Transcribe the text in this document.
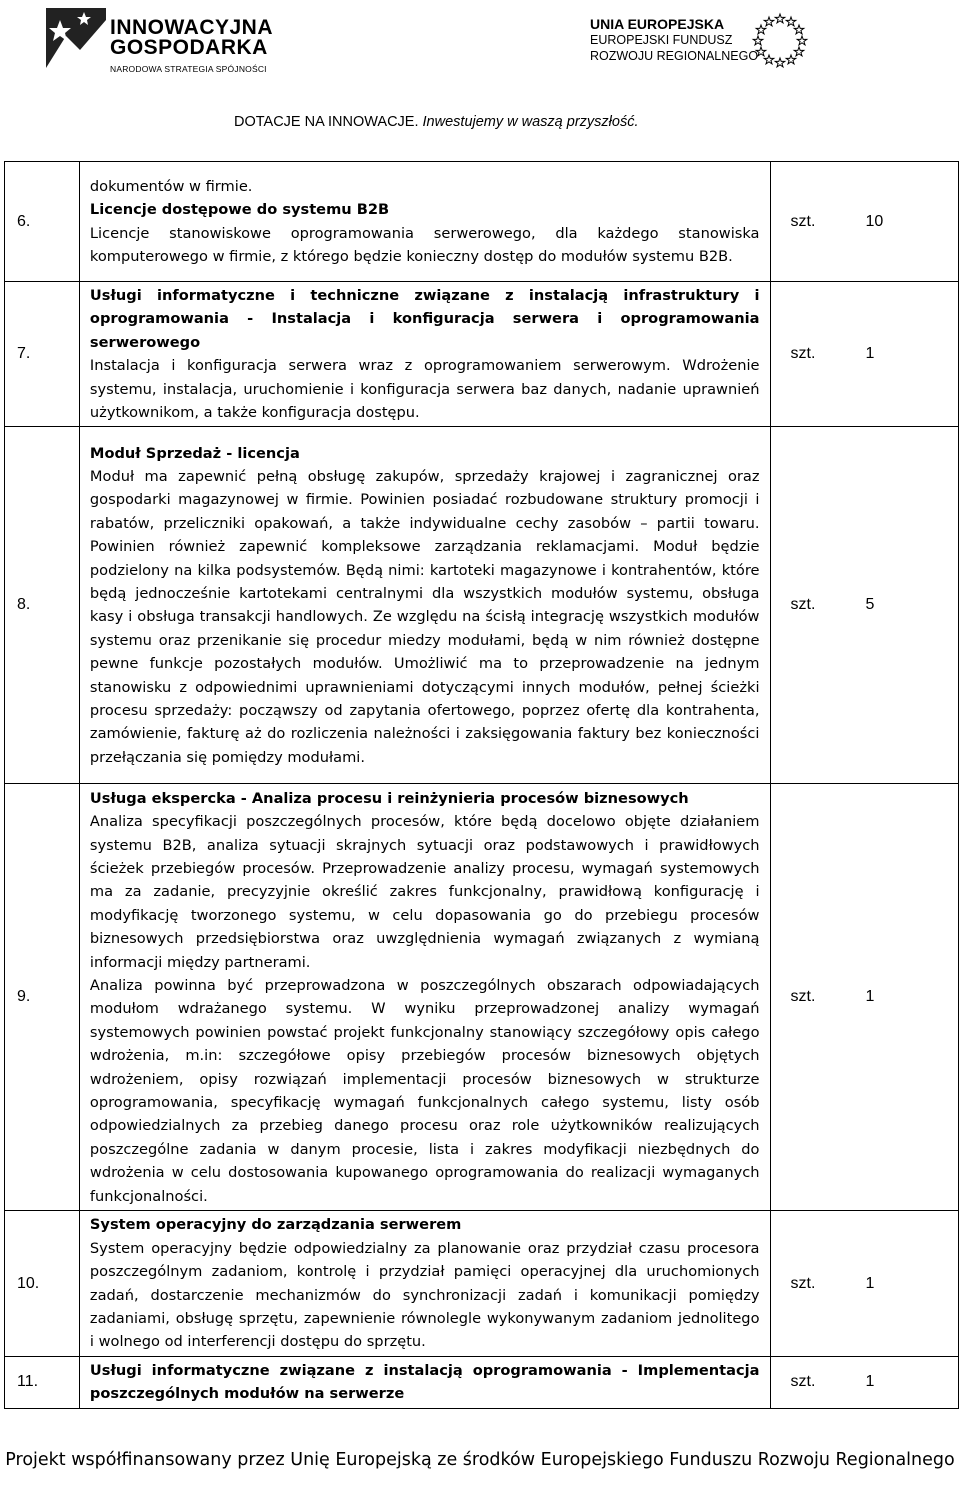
INNOWACYJNA
GOSPODARKA
NARODOWA STRATEGIA SPÓJNOŚCI
UNIA EUROPEJSKA
EUROPEJSKI FUNDUSZ
ROZWOJU REGIONALNEGO
DOTACJE NA INNOWACJE. Inwestujemy w waszą przyszłość.
6.	dokumentów w firmie.

Licencje dostępowe do systemu B2B

Licencje stanowiskowe oprogramowania serwerowego, dla każdego stanowiska komputerowego w firmie, z którego będzie konieczny dostęp do modułów systemu B2B.	szt. 10
7.	Usługi informatyczne i techniczne związane z instalacją infrastruktury i oprogramowania - Instalacja i konfiguracja serwera i oprogramowania serwerowego

Instalacja i konfiguracja serwera wraz z oprogramowaniem serwerowym. Wdrożenie systemu, instalacja, uruchomienie i konfiguracja serwera baz danych, nadanie uprawnień użytkownikom, a także konfiguracja dostępu.	szt. 1
8.	Moduł Sprzedaż - licencja

Moduł ma zapewnić pełną obsługę zakupów, sprzedaży krajowej i zagranicznej oraz gospodarki magazynowej w firmie. Powinien posiadać rozbudowane struktury promocji i rabatów, przeliczniki opakowań, a także indywidualne cechy zasobów – partii towaru. Powinien również zapewnić kompleksowe zarządzania reklamacjami. Moduł będzie podzielony na kilka podsystemów. Będą nimi: kartoteki magazynowe i kontrahentów, które będą jednocześnie kartotekami centralnymi dla wszystkich modułów systemu, obsługa kasy i obsługa transakcji handlowych. Ze względu na ścisłą integrację wszystkich modułów systemu oraz przenikanie się procedur miedzy modułami, będą w nim również dostępne pewne funkcje pozostałych modułów. Umożliwić ma to przeprowadzenie na jednym stanowisku z odpowiednimi uprawnieniami dotyczącymi innych modułów, pełnej ścieżki procesu sprzedaży: począwszy od zapytania ofertowego, poprzez ofertę dla kontrahenta, zamówienie, fakturę aż do rozliczenia należności i zaksięgowania faktury bez konieczności przełączania się pomiędzy modułami.	szt. 5
9.	Usługa ekspercka - Analiza procesu i reinżynieria procesów biznesowych

Analiza specyfikacji poszczególnych procesów, które będą docelowo objęte działaniem systemu B2B, analiza sytuacji skrajnych sytuacji oraz podstawowych i prawidłowych ścieżek przebiegów procesów. Przeprowadzenie analizy procesu, wymagań systemowych ma za zadanie, precyzyjnie określić zakres funkcjonalny, prawidłową konfigurację i modyfikację tworzonego systemu, w celu dopasowania go do przebiegu procesów biznesowych przedsiębiorstwa oraz uwzględnienia wymagań związanych z wymianą informacji między partnerami.

Analiza powinna być przeprowadzona w poszczególnych obszarach odpowiadających modułom wdrażanego systemu. W wyniku przeprowadzonej analizy wymagań systemowych powinien powstać projekt funkcjonalny stanowiący szczegółowy opis całego wdrożenia, m.in: szczegółowe opisy przebiegów procesów biznesowych objętych wdrożeniem, opisy rozwiązań implementacji procesów biznesowych w strukturze oprogramowania, specyfikację wymagań funkcjonalnych całego systemu, listy osób odpowiedzialnych za przebieg danego procesu oraz role użytkowników realizujących poszczególne zadania w danym procesie, lista i zakres modyfikacji niezbędnych do wdrożenia w celu dostosowania kupowanego oprogramowania do realizacji wymaganych funkcjonalności.	szt. 1
10.	System operacyjny do zarządzania serwerem

System operacyjny będzie odpowiedzialny za planowanie oraz przydział czasu procesora poszczególnym zadaniom, kontrolę i przydział pamięci operacyjnej dla uruchomionych zadań, dostarczenie mechanizmów do synchronizacji zadań i komunikacji pomiędzy zadaniami, obsługę sprzętu, zapewnienie równolegle wykonywanym zadaniom jednolitego i wolnego od interferencji dostępu do sprzętu.	szt. 1
11.	Usługi informatyczne związane z instalacją oprogramowania - Implementacja poszczególnych modułów na serwerze	szt. 1
Projekt współfinansowany przez Unię Europejską ze środków Europejskiego Funduszu Rozwoju Regionalnego
